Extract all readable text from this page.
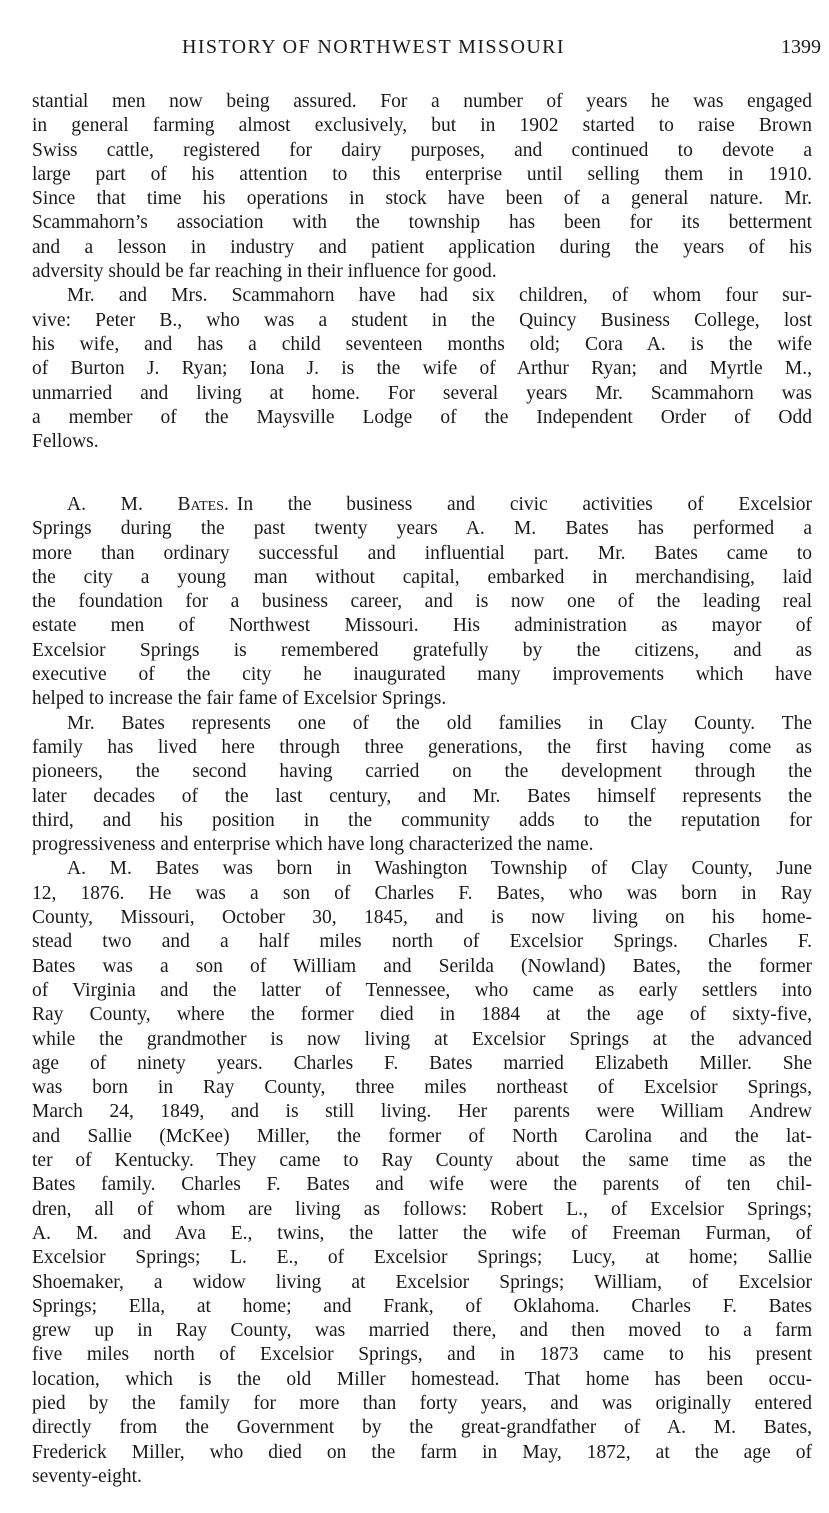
HISTORY OF NORTHWEST MISSOURI	1399
stantial men now being assured. For a number of years he was engaged
in general farming almost exclusively, but in 1902 started to raise Brown
Swiss cattle, registered for dairy purposes, and continued to devote a
large part of his attention to this enterprise until selling them in 1910.
Since that time his operations in stock have been of a general nature. Mr.
Scammahorn’s association with the township has been for its betterment
and a lesson in industry and patient application during the years of his
adversity should be far reaching in their influence for good.
Mr. and Mrs. Scammahorn have had six children, of whom four sur-
vive: Peter B., who was a student in the Quincy Business College, lost
his wife, and has a child seventeen months old; Cora A. is the wife
of Burton J. Ryan; Iona J. is the wife of Arthur Ryan; and Myrtle M.,
unmarried and living at home. For several years Mr. Scammahorn was
a member of the Maysville Lodge of the Independent Order of Odd
Fellows.
A. M. Bates. In the business and civic activities of Excelsior
Springs during the past twenty years A. M. Bates has performed a
more than ordinary successful and influential part. Mr. Bates came to
the city a young man without capital, embarked in merchandising, laid
the foundation for a business career, and is now one of the leading real
estate men of Northwest Missouri. His administration as mayor of
Excelsior Springs is remembered gratefully by the citizens, and as
executive of the city he inaugurated many improvements which have
helped to increase the fair fame of Excelsior Springs.
Mr. Bates represents one of the old families in Clay County. The
family has lived here through three generations, the first having come as
pioneers, the second having carried on the development through the
later decades of the last century, and Mr. Bates himself represents the
third, and his position in the community adds to the reputation for
progressiveness and enterprise which have long characterized the name.
A. M. Bates was born in Washington Township of Clay County, June
12, 1876. He was a son of Charles F. Bates, who was born in Ray
County, Missouri, October 30, 1845, and is now living on his home-
stead two and a half miles north of Excelsior Springs. Charles F.
Bates was a son of William and Serilda (Nowland) Bates, the former
of Virginia and the latter of Tennessee, who came as early settlers into
Ray County, where the former died in 1884 at the age of sixty-five,
while the grandmother is now living at Excelsior Springs at the advanced
age of ninety years. Charles F. Bates married Elizabeth Miller. She
was born in Ray County, three miles northeast of Excelsior Springs,
March 24, 1849, and is still living. Her parents were William Andrew
and Sallie (McKee) Miller, the former of North Carolina and the lat-
ter of Kentucky. They came to Ray County about the same time as the
Bates family. Charles F. Bates and wife were the parents of ten chil-
dren, all of whom are living as follows: Robert L., of Excelsior Springs;
A. M. and Ava E., twins, the latter the wife of Freeman Furman, of
Excelsior Springs; L. E., of Excelsior Springs; Lucy, at home; Sallie
Shoemaker, a widow living at Excelsior Springs; William, of Excelsior
Springs; Ella, at home; and Frank, of Oklahoma. Charles F. Bates
grew up in Ray County, was married there, and then moved to a farm
five miles north of Excelsior Springs, and in 1873 came to his present
location, which is the old Miller homestead. That home has been occu-
pied by the family for more than forty years, and was originally entered
directly from the Government by the great-grandfather of A. M. Bates,
Frederick Miller, who died on the farm in May, 1872, at the age of
seventy-eight.
